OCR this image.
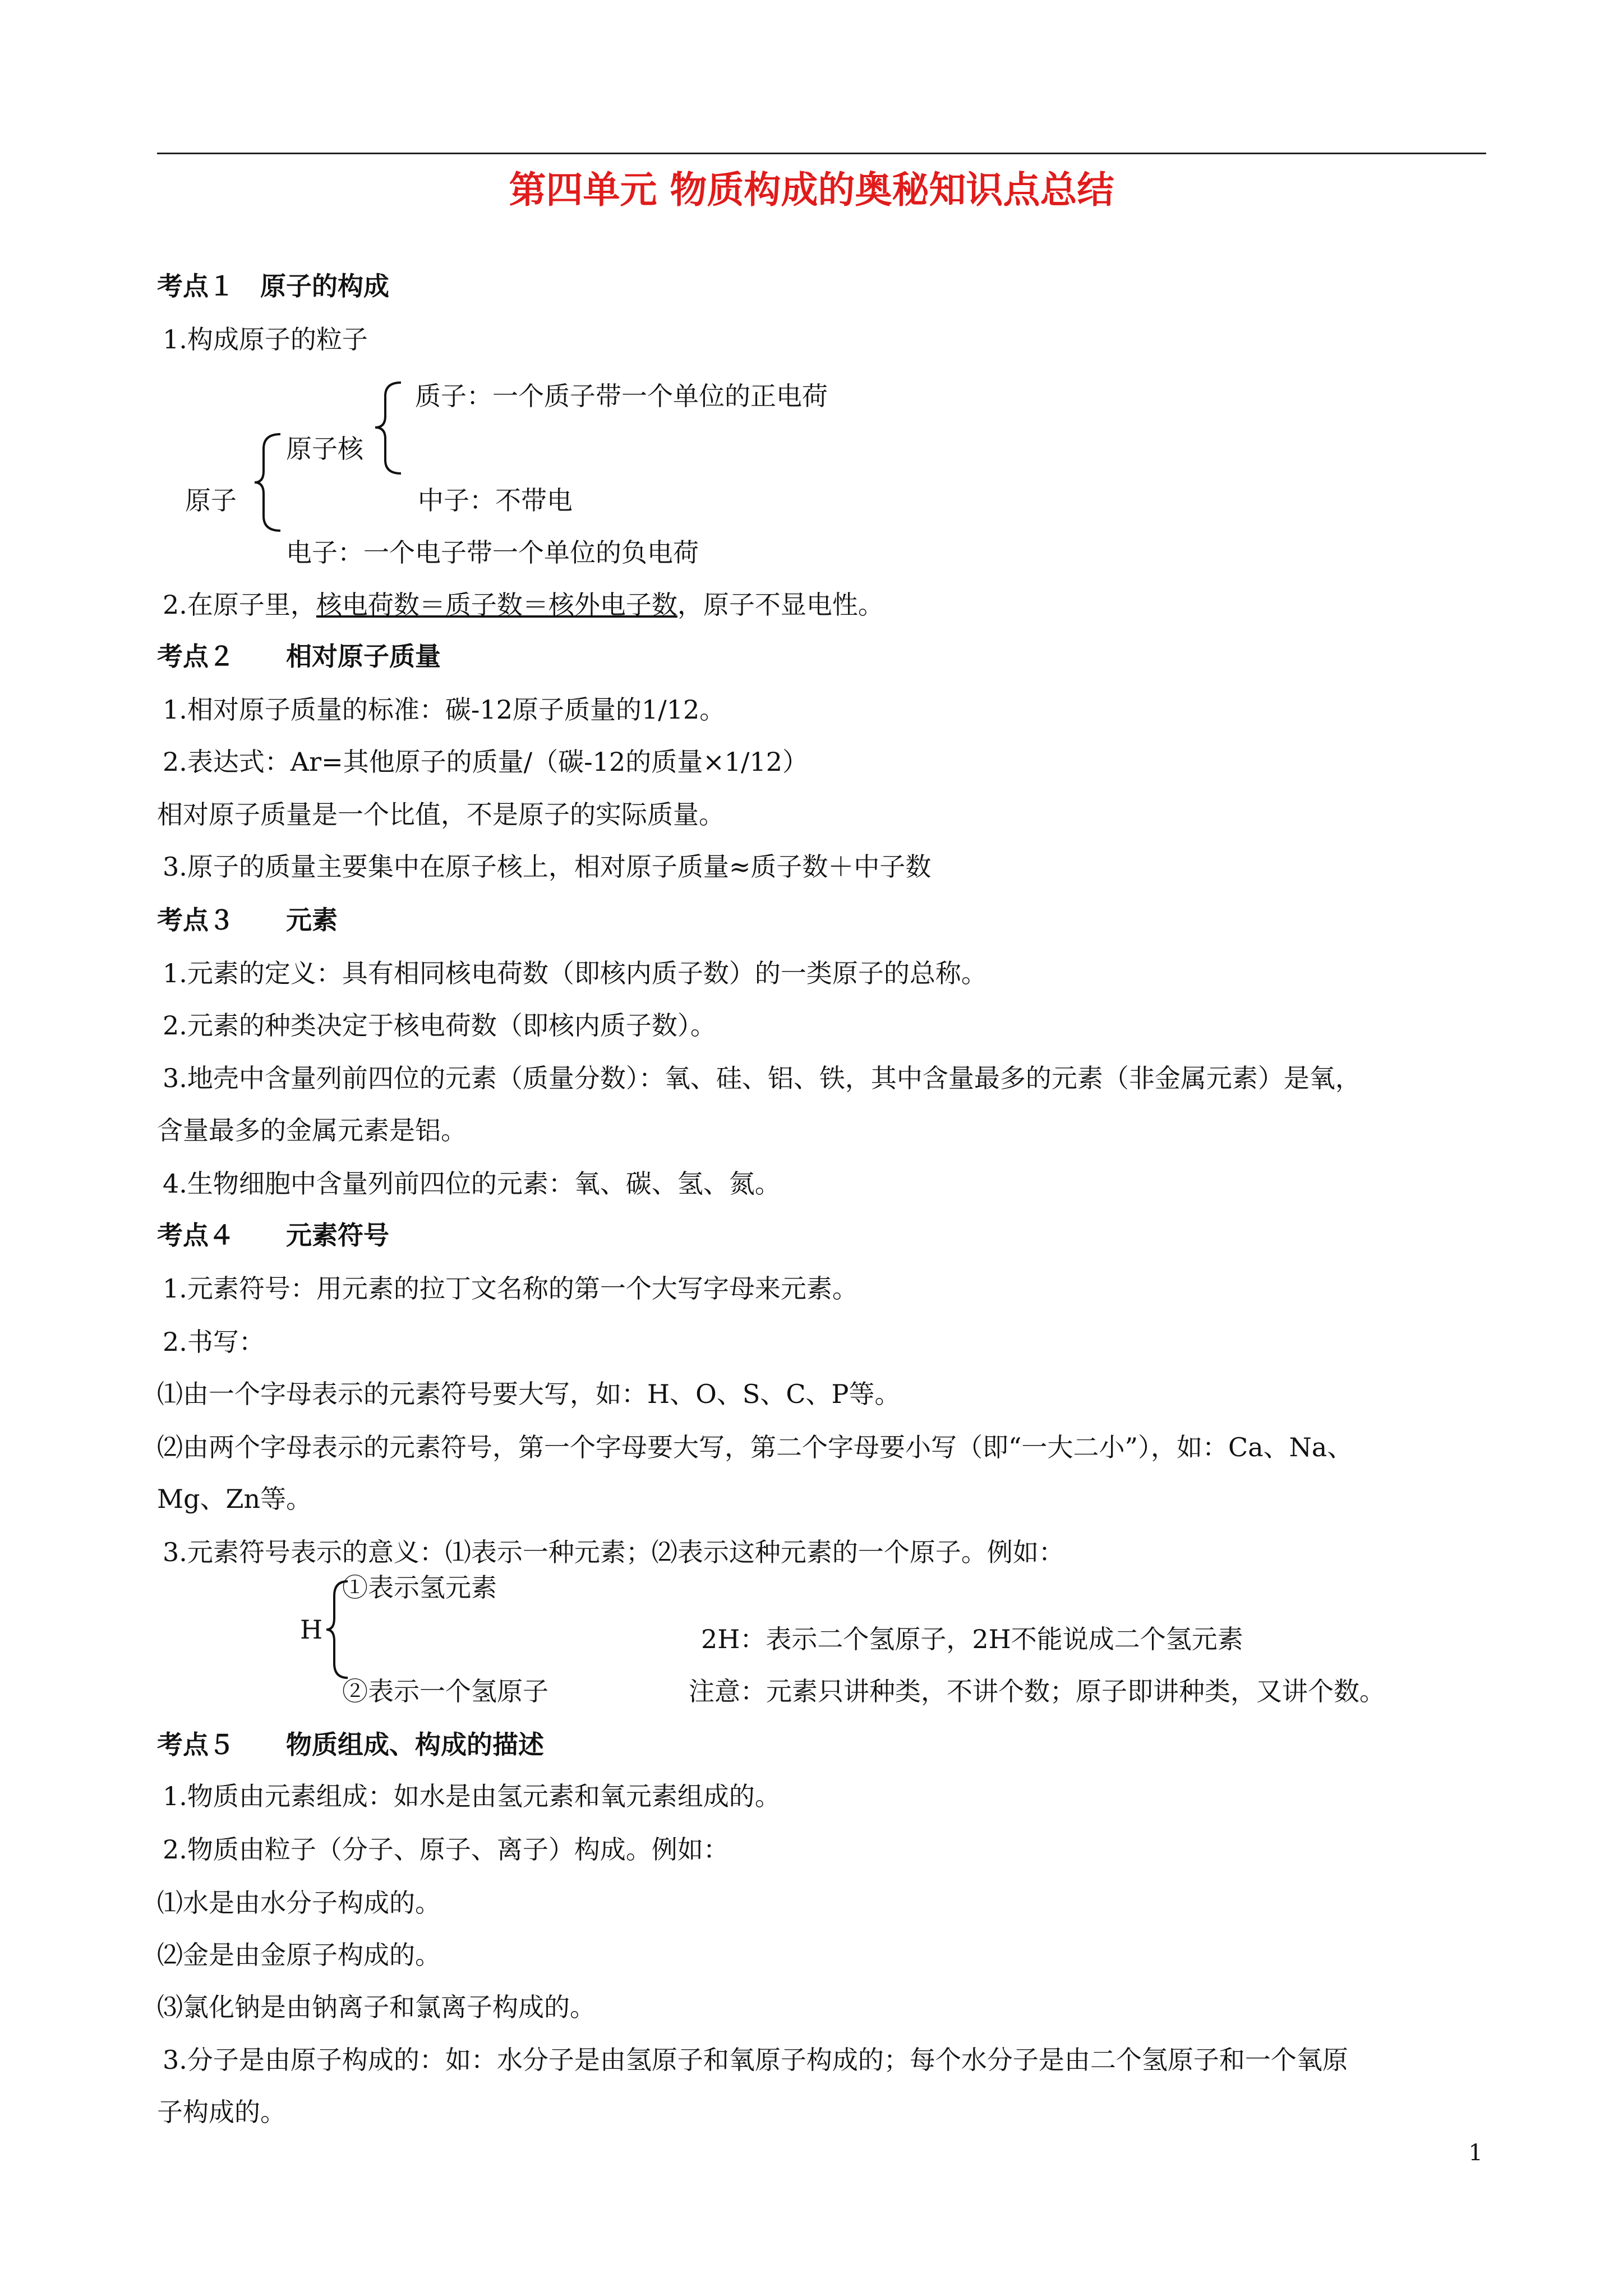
第四单元 物质构成的奥秘知识点总结
考点１　原子的构成
1.构成原子的粒子
原子
原子核
质子：一个质子带一个单位的正电荷
中子：不带电
电子：一个电子带一个单位的负电荷
2.在原子里，核电荷数＝质子数＝核外电子数，原子不显电性。
考点２　　相对原子质量
1.相对原子质量的标准：碳-12原子质量的1/12。
2.表达式：Ar=其他原子的质量/（碳-12的质量×1/12）
相对原子质量是一个比值，不是原子的实际质量。
3.原子的质量主要集中在原子核上，相对原子质量≈质子数＋中子数
考点３　　元素
1.元素的定义：具有相同核电荷数（即核内质子数）的一类原子的总称。
2.元素的种类决定于核电荷数（即核内质子数）。
3.地壳中含量列前四位的元素（质量分数）：氧、硅、铝、铁，其中含量最多的元素（非金属元素）是氧，
含量最多的金属元素是铝。
4.生物细胞中含量列前四位的元素：氧、碳、氢、氮。
考点４　　元素符号
1.元素符号：用元素的拉丁文名称的第一个大写字母来元素。
2.书写：
⑴由一个字母表示的元素符号要大写，如：H、O、S、C、P等。
⑵由两个字母表示的元素符号，第一个字母要大写，第二个字母要小写（即“一大二小”），如：Ca、Na、
Mg、Zn等。
3.元素符号表示的意义：⑴表示一种元素；⑵表示这种元素的一个原子。例如：
H
①表示氢元素
②表示一个氢原子
2H：表示二个氢原子，2H不能说成二个氢元素
注意：元素只讲种类，不讲个数；原子即讲种类，又讲个数。
考点５　　物质组成、构成的描述
1.物质由元素组成：如水是由氢元素和氧元素组成的。
2.物质由粒子（分子、原子、离子）构成。例如：
⑴水是由水分子构成的。
⑵金是由金原子构成的。
⑶氯化钠是由钠离子和氯离子构成的。
3.分子是由原子构成的：如：水分子是由氢原子和氧原子构成的；每个水分子是由二个氢原子和一个氧原
子构成的。
1
